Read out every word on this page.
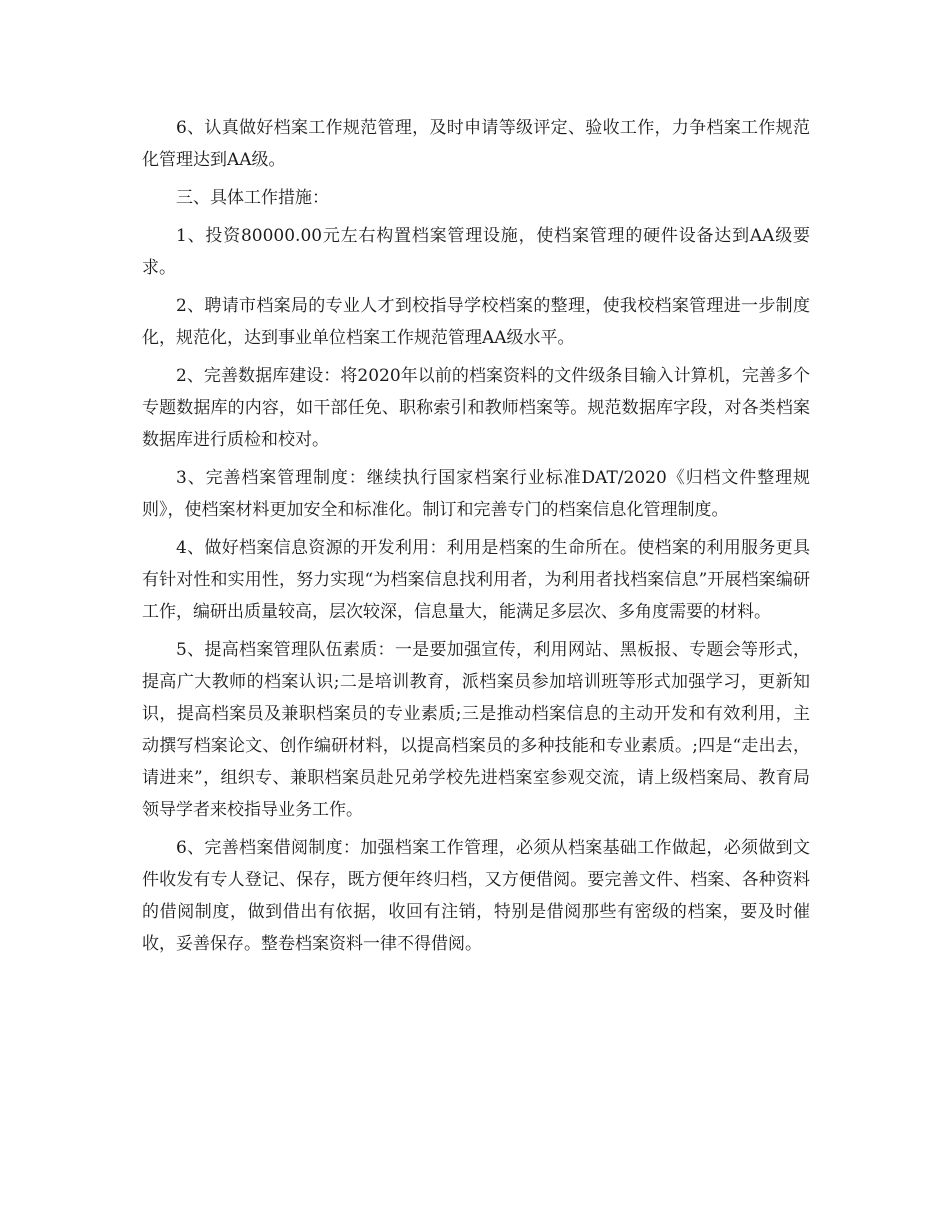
6、认真做好档案工作规范管理，及时申请等级评定、验收工作，力争档案工作规范化管理达到AA级。

三、具体工作措施：

1、投资80000.00元左右构置档案管理设施，使档案管理的硬件设备达到AA级要求。

2、聘请市档案局的专业人才到校指导学校档案的整理，使我校档案管理进一步制度化，规范化，达到事业单位档案工作规范管理AA级水平。

2、完善数据库建设：将2020年以前的档案资料的文件级条目输入计算机，完善多个专题数据库的内容，如干部任免、职称索引和教师档案等。规范数据库字段，对各类档案数据库进行质检和校对。

3、完善档案管理制度：继续执行国家档案行业标准DAT/2020《归档文件整理规则》，使档案材料更加安全和标准化。制订和完善专门的档案信息化管理制度。

4、做好档案信息资源的开发利用：利用是档案的生命所在。使档案的利用服务更具有针对性和实用性，努力实现“为档案信息找利用者，为利用者找档案信息”开展档案编研工作，编研出质量较高，层次较深，信息量大，能满足多层次、多角度需要的材料。

5、提高档案管理队伍素质：一是要加强宣传，利用网站、黑板报、专题会等形式，提高广大教师的档案认识;二是培训教育，派档案员参加培训班等形式加强学习，更新知识，提高档案员及兼职档案员的专业素质;三是推动档案信息的主动开发和有效利用，主动撰写档案论文、创作编研材料，以提高档案员的多种技能和专业素质。;四是“走出去，请进来”，组织专、兼职档案员赴兄弟学校先进档案室参观交流，请上级档案局、教育局领导学者来校指导业务工作。

6、完善档案借阅制度：加强档案工作管理，必须从档案基础工作做起，必须做到文件收发有专人登记、保存，既方便年终归档，又方便借阅。要完善文件、档案、各种资料的借阅制度，做到借出有依据，收回有注销，特别是借阅那些有密级的档案，要及时催收，妥善保存。整卷档案资料一律不得借阅。
